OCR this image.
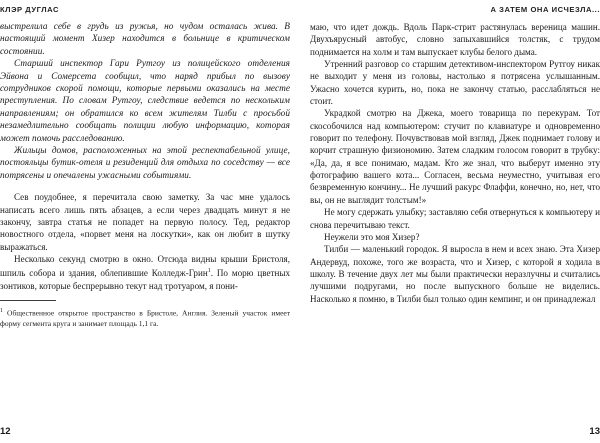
КЛЭР ДУГЛАС

выстрелила себе в грудь из ружья, но чудом осталась жива. В настоящий момент Хизер находится в больнице в критическом состоянии.

Старший инспектор Гари Рутгоу из полицейского отделения Эйвона и Сомерсета сообщил, что наряд прибыл по вызову сотрудников скорой помощи, которые первыми оказались на месте преступления. По словам Рутгоу, следствие ведется по нескольким направлениям; он обратился ко всем жителям Тилби с просьбой незамедлительно сообщать полиции любую информацию, которая может помочь расследованию.

Жильцы домов, расположенных на этой респектабельной улице, постояльцы бутик-отеля и резиденций для отдыха по соседству — все потрясены и опечалены ужасными событиями.

Сев поудобнее, я перечитала свою заметку. За час мне удалось написать всего лишь пять абзацев, а если через двадцать минут я не закончу, завтра статья не попадет на первую полосу. Тед, редактор новостного отдела, «порвет меня на лоскутки», как он любит в шутку выражаться.

Несколько секунд смотрю в окно. Отсюда видны крыши Бристоля, шпиль собора и здания, облепившие Колледж-Грин$^1$. По морю цветных зонтиков, которые беспрерывно текут над тротуаром, я пони-

$^1$ Общественное открытое пространство в Бристоле, Англия. Зеленый участок имеет форму сегмента круга и занимает площадь 1,1 га.

12
А ЗАТЕМ ОНА ИСЧЕЗЛА...

маю, что идет дождь. Вдоль Парк-стрит растянулась вереница машин. Двухъярусный автобус, словно запыхавшийся толстяк, с трудом поднимается на холм и там выпускает клубы белого дыма.

Утренний разговор со старшим детективом-инспектором Рутгоу никак не выходит у меня из головы, настолько я потрясена услышанным. Ужасно хочется курить, но, пока не закончу статью, расслабляться не стоит.

Украдкой смотрю на Джека, моего товарища по перекурам. Тот скособочился над компьютером: стучит по клавиатуре и одновременно говорит по телефону. Почувствовав мой взгляд, Джек поднимает голову и корчит страшную физиономию. Затем сладким голосом говорит в трубку: «Да, да, я все понимаю, мадам. Кто же знал, что выберут именно эту фотографию вашего кота... Согласен, весьма неуместно, учитывая его безвременную кончину... Не лучший ракурс Флаффи, конечно, но, нет, что вы, он не выглядит толстым!»

Не могу сдержать улыбку; заставляю себя отвернуться к компьютеру и снова перечитываю текст.

Неужели это моя Хизер?

Тилби — маленький городок. Я выросла в нем и всех знаю. Эта Хизер Андервуд, похоже, того же возраста, что и Хизер, с которой я ходила в школу. В течение двух лет мы были практически неразлучны и считались лучшими подругами, но после выпускного больше не виделись. Насколько я помню, в Тилби был только один кемпинг, и он принадлежал

13
